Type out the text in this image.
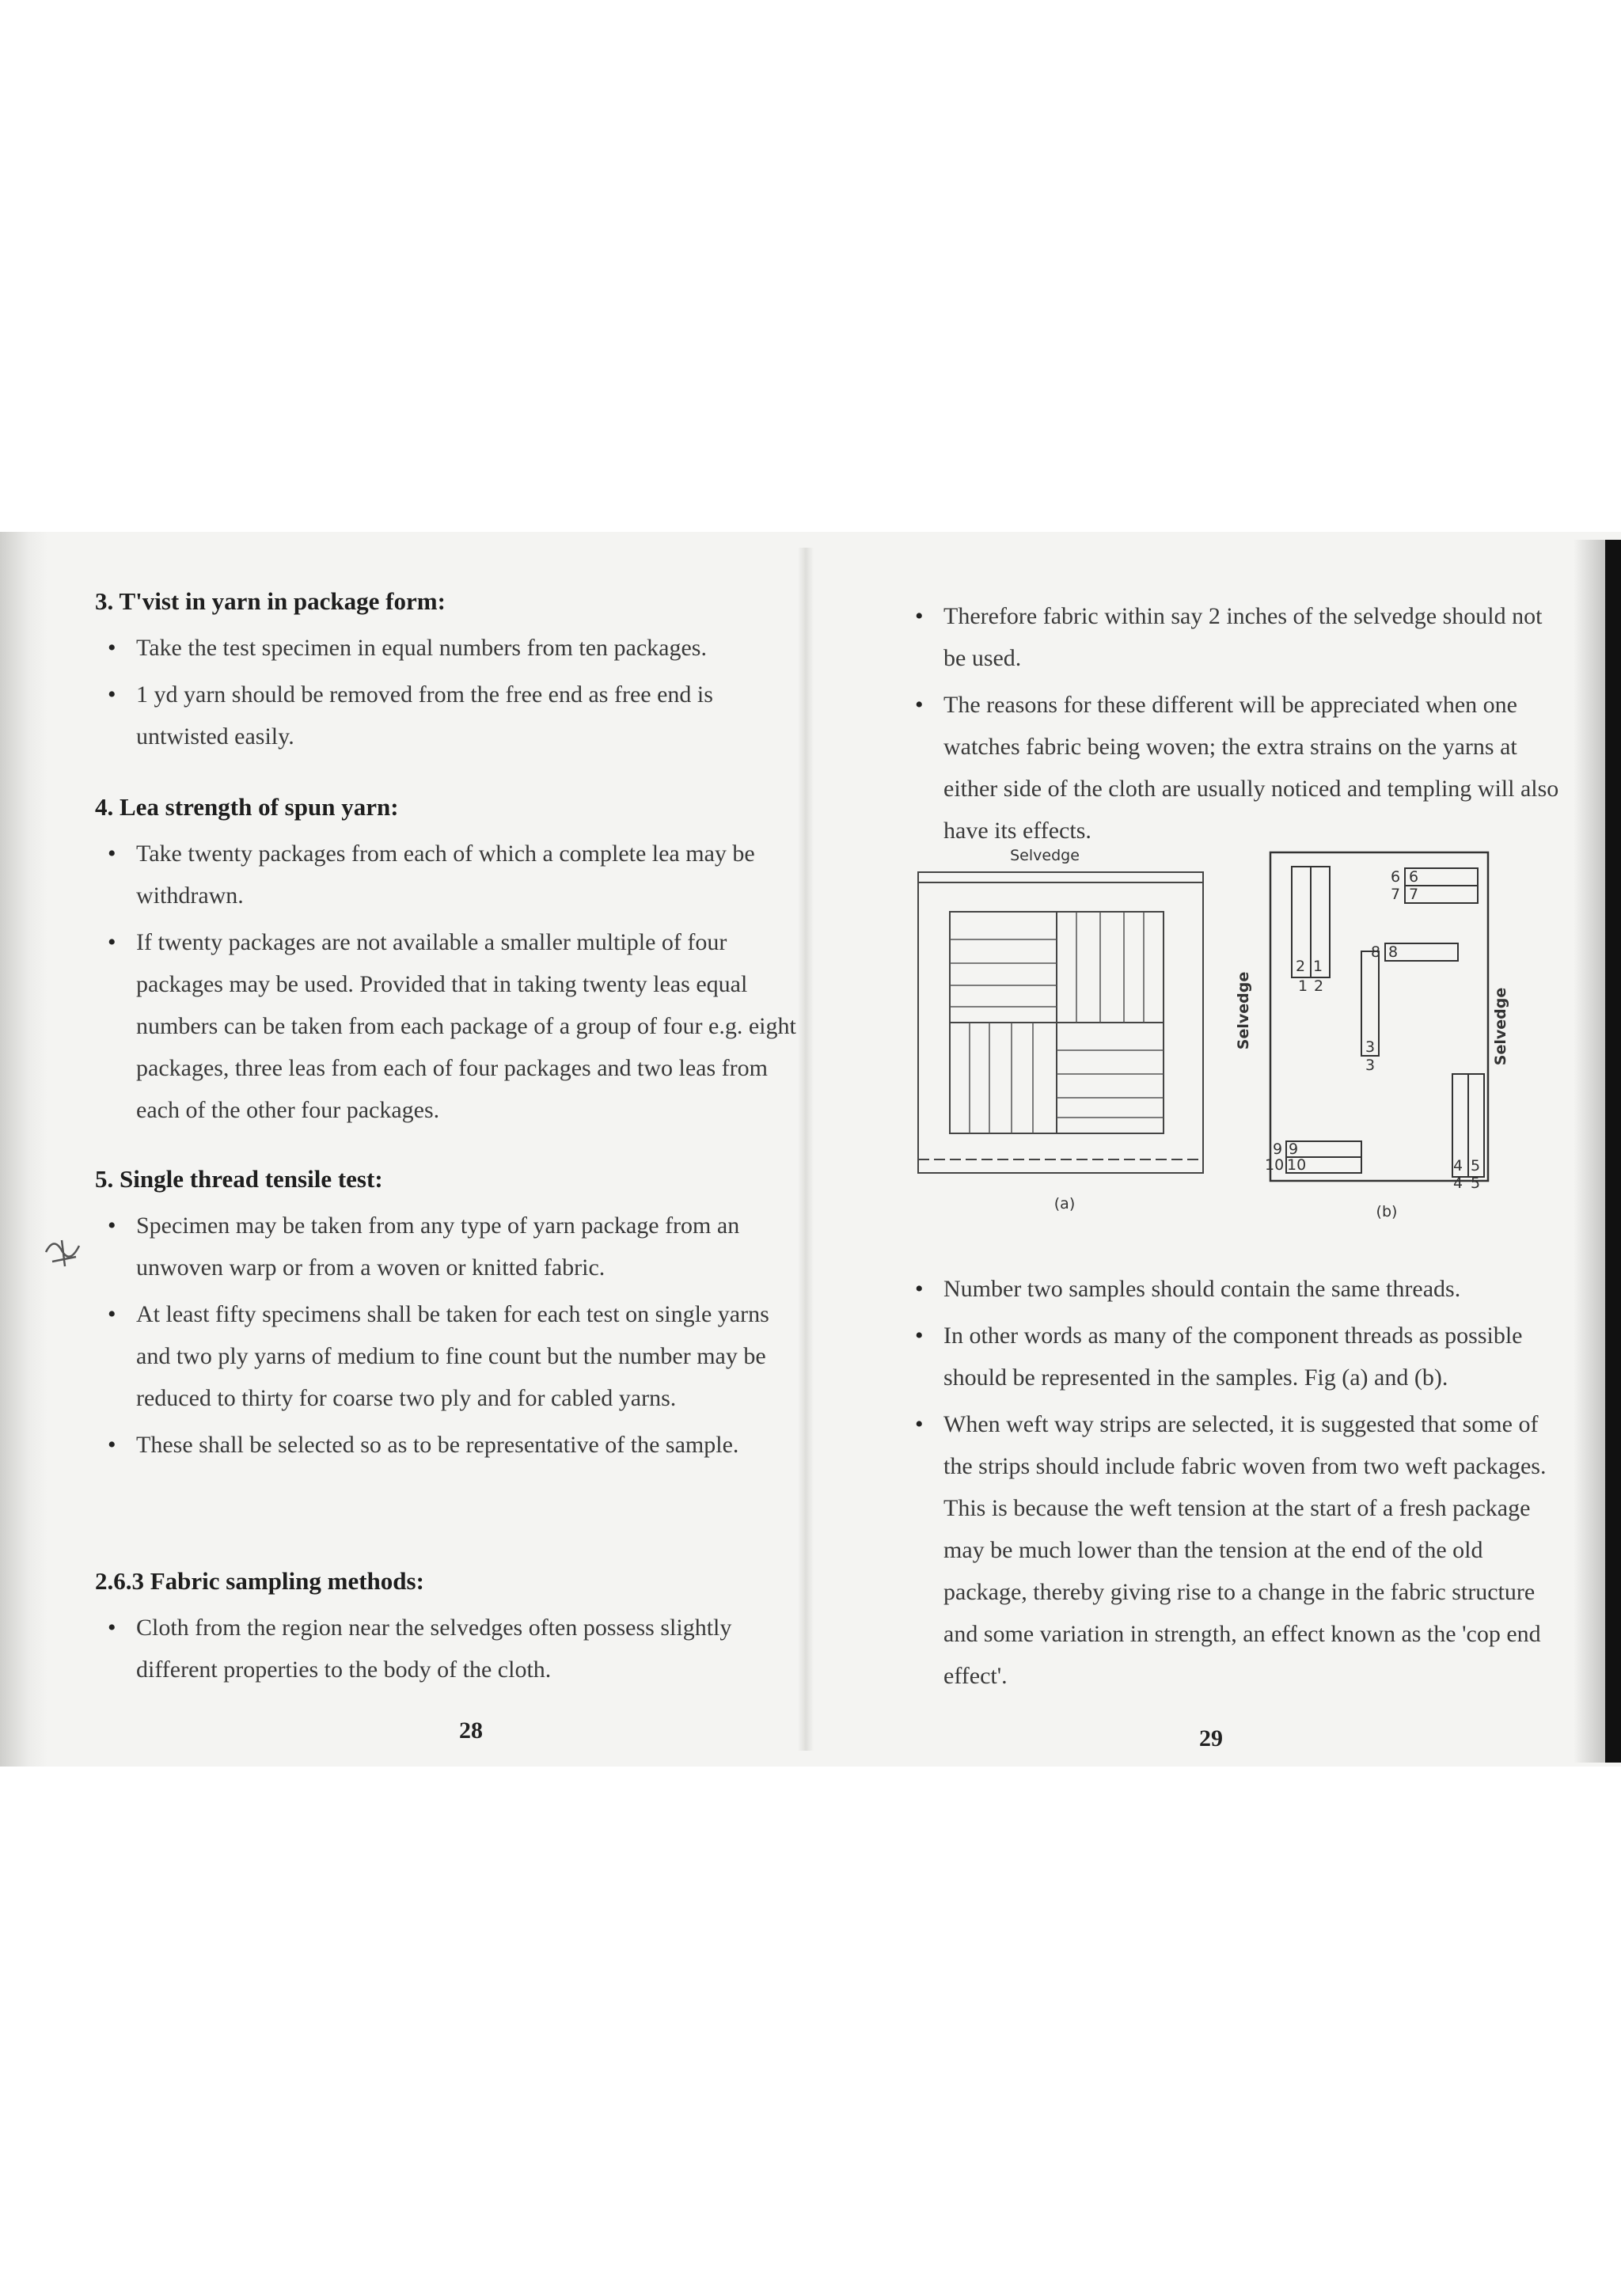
3. T'vist in yarn in package form:
• Take the test specimen in equal numbers from ten packages.
• 1 yd yarn should be removed from the free end as free end is untwisted easily.
4. Lea strength of spun yarn:
• Take twenty packages from each of which a complete lea may be withdrawn.
• If twenty packages are not available a smaller multiple of four packages may be used. Provided that in taking twenty leas equal numbers can be taken from each package of a group of four e.g. eight packages, three leas from each of four packages and two leas from each of the other four packages.
5. Single thread tensile test:
• Specimen may be taken from any type of yarn package from an unwoven warp or from a woven or knitted fabric.
• At least fifty specimens shall be taken for each test on single yarns and two ply yarns of medium to fine count but the number may be reduced to thirty for coarse two ply and for cabled yarns.
• These shall be selected so as to be representative of the sample.
2.6.3 Fabric sampling methods:
• Cloth from the region near the selvedges often possess slightly different properties to the body of the cloth.
28
• Therefore fabric within say 2 inches of the selvedge should not be used.
• The reasons for these different will be appreciated when one watches fabric being woven; the extra strains on the yarns at either side of the cloth are usually noticed and templing will also have its effects.
Selvedge
(a)
Selvedge	Selvedge
1
1
2
2
6 6
7 7
8 8
3
3
4
4
5
5
9 9
10 10
(b)
• Number two samples should contain the same threads.
• In other words as many of the component threads as possible should be represented in the samples. Fig (a) and (b).
• When weft way strips are selected, it is suggested that some of the strips should include fabric woven from two weft packages. This is because the weft tension at the start of a fresh package may be much lower than the tension at the end of the old package, thereby giving rise to a change in the fabric structure and some variation in strength, an effect known as the 'cop end effect'.
29
